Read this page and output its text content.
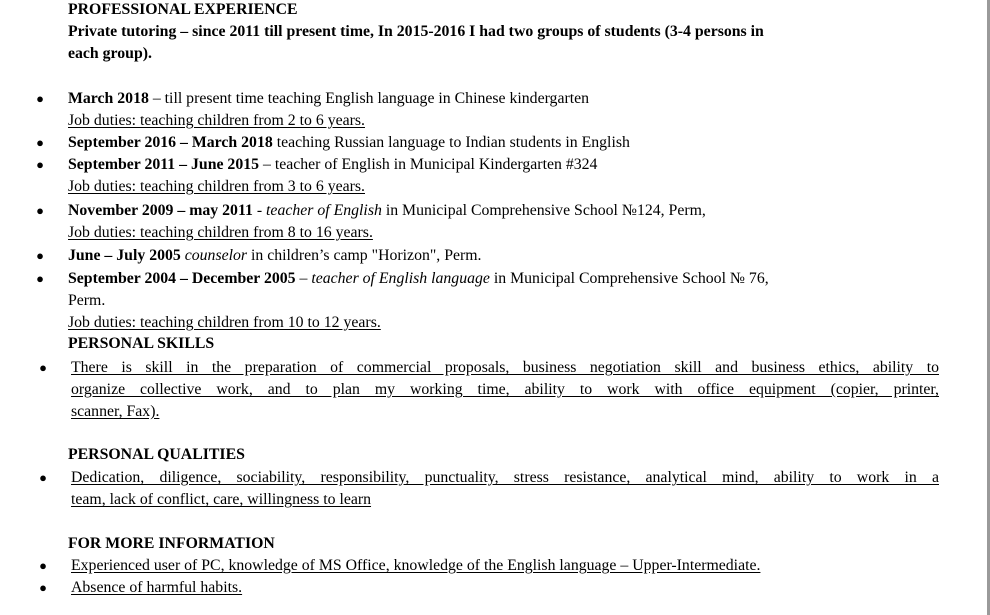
PROFESSIONAL EXPERIENCE
Private tutoring – since 2011 till present time, In 2015-2016 I had two groups of students (3-4 persons in
each group).
● March 2018 – till present time teaching English language in Chinese kindergarten
Job duties: teaching children from 2 to 6 years.
● September 2016 – March 2018 teaching Russian language to Indian students in English
● September 2011 – June 2015 – teacher of English in Municipal Kindergarten #324
Job duties: teaching children from 3 to 6 years.
● November 2009 – may 2011 - teacher of English in Municipal Comprehensive School №124, Perm,
Job duties: teaching children from 8 to 16 years.
● June – July 2005 counselor in children’s camp "Horizon", Perm.
● September 2004 – December 2005 – teacher of English language in Municipal Comprehensive School № 76,
Perm.
Job duties: teaching children from 10 to 12 years.
PERSONAL SKILLS
● There is skill in the preparation of commercial proposals, business negotiation skill and business ethics, ability to
organize collective work, and to plan my working time, ability to work with office equipment (copier, printer,
scanner, Fax).
PERSONAL QUALITIES
● Dedication, diligence, sociability, responsibility, punctuality, stress resistance, analytical mind, ability to work in a
team, lack of conflict, care, willingness to learn
FOR MORE INFORMATION
● Experienced user of PC, knowledge of MS Office, knowledge of the English language – Upper-Intermediate.
● Absence of harmful habits.
